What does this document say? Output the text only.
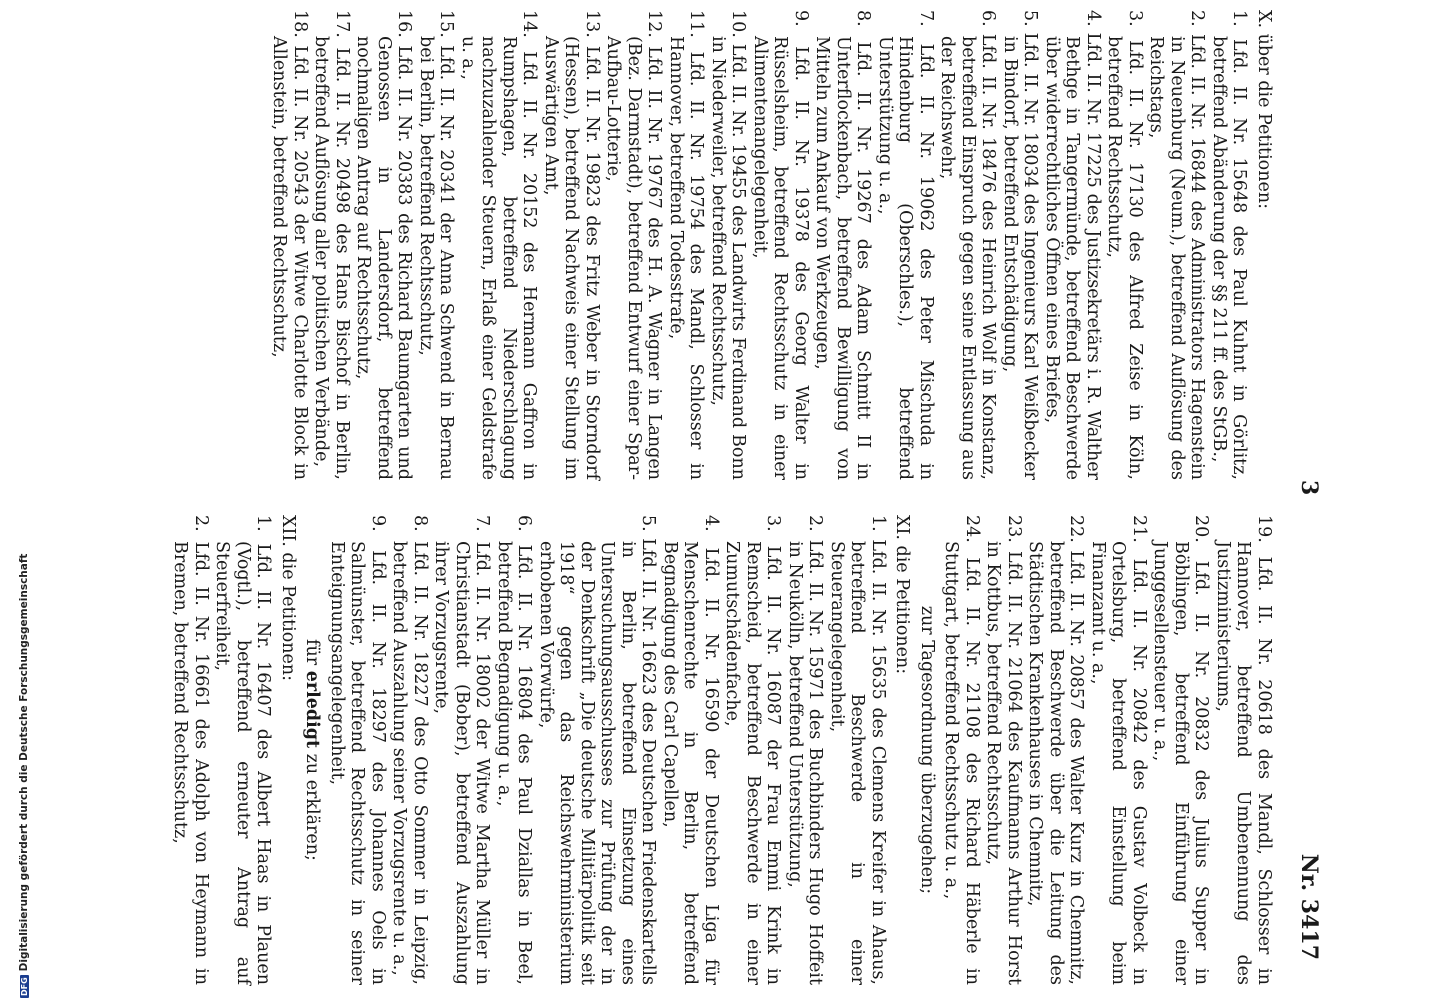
3
Nr. 3417
X. über die Petitionen:
1. Lfd. II. Nr. 15648 des Paul Kuhnt in Görlitz, betreffend Abänderung der §§ 211 ff. des StGB.,
2. Lfd. II. Nr. 16844 des Administrators Hagenstein in Neuenburg (Neum.), betreffend Auflösung des Reichstags,
3. Lfd. II. Nr. 17130 des Alfred Zeise in Köln, betreffend Rechtsschutz,
4. Lfd. II. Nr. 17225 des Justizsekretärs i. R. Walther Bethge in Tangermünde, betreffend Beschwerde über widerrechtliches Öffnen eines Briefes,
5. Lfd. II. Nr. 18034 des Ingenieurs Karl Weißbecker in Bindorf, betreffend Entschädigung,
6. Lfd. II. Nr. 18476 des Heinrich Wolf in Konstanz, betreffend Einspruch gegen seine Entlassung aus der Reichswehr,
7. Lfd. II. Nr. 19062 des Peter Mischuda in Hindenburg (Oberschles.), betreffend Unterstützung u. a.,
8. Lfd. II. Nr. 19267 des Adam Schmitt II in Unterflockenbach, betreffend Bewilligung von Mitteln zum Ankauf von Werkzeugen,
9. Lfd. II. Nr. 19378 des Georg Walter in Rüsselsheim, betreffend Rechtsschutz in einer Alimentenangelegenheit,
10. Lfd. II. Nr. 19455 des Landwirts Ferdinand Bonn in Niederweiler, betreffend Rechtsschutz,
11. Lfd. II. Nr. 19754 des Mandl, Schlosser in Hannover, betreffend Todesstrafe,
12. Lfd. II. Nr. 19767 des H. A. Wagner in Langen (Bez. Darmstadt), betreffend Entwurf einer Spar-Aufbau-Lotterie,
13. Lfd. II. Nr. 19823 des Fritz Weber in Storndorf (Hessen), betreffend Nachweis einer Stellung im Auswärtigen Amt,
14. Lfd. II. Nr. 20152 des Hermann Gaffron in Rumpshagen, betreffend Niederschlagung nachzuzahlender Steuern, Erlaß einer Geldstrafe u. a.,
15. Lfd. II. Nr. 20341 der Anna Schwend in Bernau bei Berlin, betreffend Rechtsschutz,
16. Lfd. II. Nr. 20383 des Richard Baumgarten und Genossen in Landersdorf, betreffend nochmaligen Antrag auf Rechtsschutz,
17. Lfd. II. Nr. 20498 des Hans Bischof in Berlin, betreffend Auflösung aller politischen Verbände,
18. Lfd. II. Nr. 20543 der Witwe Charlotte Block in Allenstein, betreffend Rechtsschutz,
19. Lfd. II. Nr. 20618 des Mandl, Schlosser in Hannover, betreffend Umbenennung des Justizministeriums,
20. Lfd. II. Nr. 20832 des Julius Supper in Böblingen, betreffend Einführung einer Junggesellensteuer u. a.,
21. Lfd. II. Nr. 20842 des Gustav Volbeck in Ortelsburg, betreffend Einstellung beim Finanzamt u. a.,
22. Lfd. II. Nr. 20857 des Walter Kurz in Chemnitz, betreffend Beschwerde über die Leitung des Städtischen Krankenhauses in Chemnitz,
23. Lfd. II. Nr. 21064 des Kaufmanns Arthur Horst in Kottbus, betreffend Rechtsschutz,
24. Lfd. II. Nr. 21108 des Richard Häberle in Stuttgart, betreffend Rechtsschutz u. a.,
zur Tagesordnung überzugehen;
XI. die Petitionen:
1. Lfd. II. Nr. 15635 des Clemens Kreifer in Ahaus, betreffend Beschwerde in einer Steuerangelegenheit,
2. Lfd. II. Nr. 15971 des Buchbinders Hugo Hoffeit in Neukölln, betreffend Unterstützung,
3. Lfd. II. Nr. 16087 der Frau Emmi Krink in Remscheid, betreffend Beschwerde in einer Zumutschädenfache,
4. Lfd. II. Nr. 16590 der Deutschen Liga für Menschenrechte in Berlin, betreffend Begnadigung des Carl Capellen,
5. Lfd. II. Nr. 16623 des Deutschen Friedenskartells in Berlin, betreffend Einsetzung eines Untersuchungsausschusses zur Prüfung der in der Denkschrift „Die deutsche Militärpolitik seit 1918“ gegen das Reichswehrministerium erhobenen Vorwürfe,
6. Lfd. II. Nr. 16804 des Paul Dziallas in Beel, betreffend Begnadigung u. a.,
7. Lfd. II. Nr. 18002 der Witwe Martha Müller in Christianstadt (Bober), betreffend Auszahlung ihrer Vorzugsrente,
8. Lfd. II. Nr. 18227 des Otto Sommer in Leipzig, betreffend Auszahlung seiner Vorzugsrente u. a.,
9. Lfd. II. Nr. 18297 des Johannes Oels in Salmünster, betreffend Rechtsschutz in seiner Enteignungsangelegenheit,
für erledigt zu erklären;
XII. die Petitionen:
1. Lfd. II. Nr. 16407 des Albert Haas in Plauen (Vogtl.), betreffend erneuter Antrag auf Steuerfreiheit,
2. Lfd. II. Nr. 16661 des Adolph von Heymann in Bremen, betreffend Rechtsschutz,
DFGDigitalisierung gefördert durch die Deutsche Forschungsgemeinschaft
